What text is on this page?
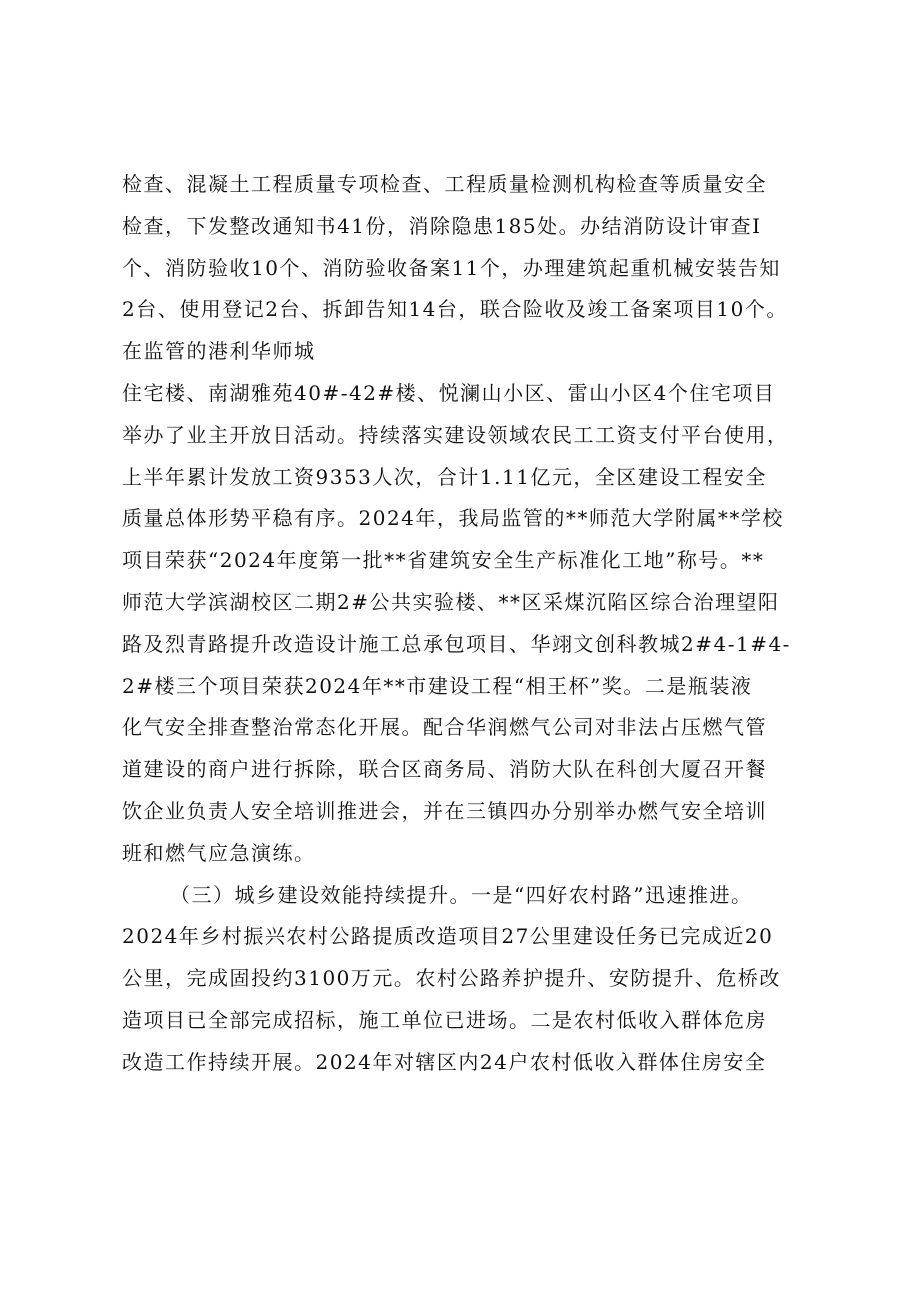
检查、混凝土工程质量专项检查、工程质量检测机构检查等质量安全
检查，下发整改通知书41份，消除隐患185处。办结消防设计审查I
个、消防验收10个、消防验收备案11个，办理建筑起重机械安装告知
2台、使用登记2台、拆卸告知14台，联合险收及竣工备案项目10个。
在监管的港利华师城
住宅楼、南湖雅苑40#-42#楼、悦澜山小区、雷山小区4个住宅项目
举办了业主开放日活动。持续落实建设领域农民工工资支付平台使用，
上半年累计发放工资9353人次，合计1.11亿元，全区建设工程安全
质量总体形势平稳有序。2024年，我局监管的**师范大学附属**学校
项目荣获“2024年度第一批**省建筑安全生产标准化工地”称号。**
师范大学滨湖校区二期2#公共实验楼、**区采煤沉陷区综合治理望阳
路及烈青路提升改造设计施工总承包项目、华翊文创科教城2#4-1#4-
2#楼三个项目荣获2024年**市建设工程“相王杯”奖。二是瓶装液
化气安全排查整治常态化开展。配合华润燃气公司对非法占压燃气管
道建设的商户进行拆除，联合区商务局、消防大队在科创大厦召开餐
饮企业负责人安全培训推进会，并在三镇四办分别举办燃气安全培训
班和燃气应急演练。
（三）城乡建设效能持续提升。一是“四好农村路”迅速推进。
2024年乡村振兴农村公路提质改造项目27公里建设任务已完成近20
公里，完成固投约3100万元。农村公路养护提升、安防提升、危桥改
造项目已全部完成招标，施工单位已进场。二是农村低收入群体危房
改造工作持续开展。2024年对辖区内24户农村低收入群体住房安全
